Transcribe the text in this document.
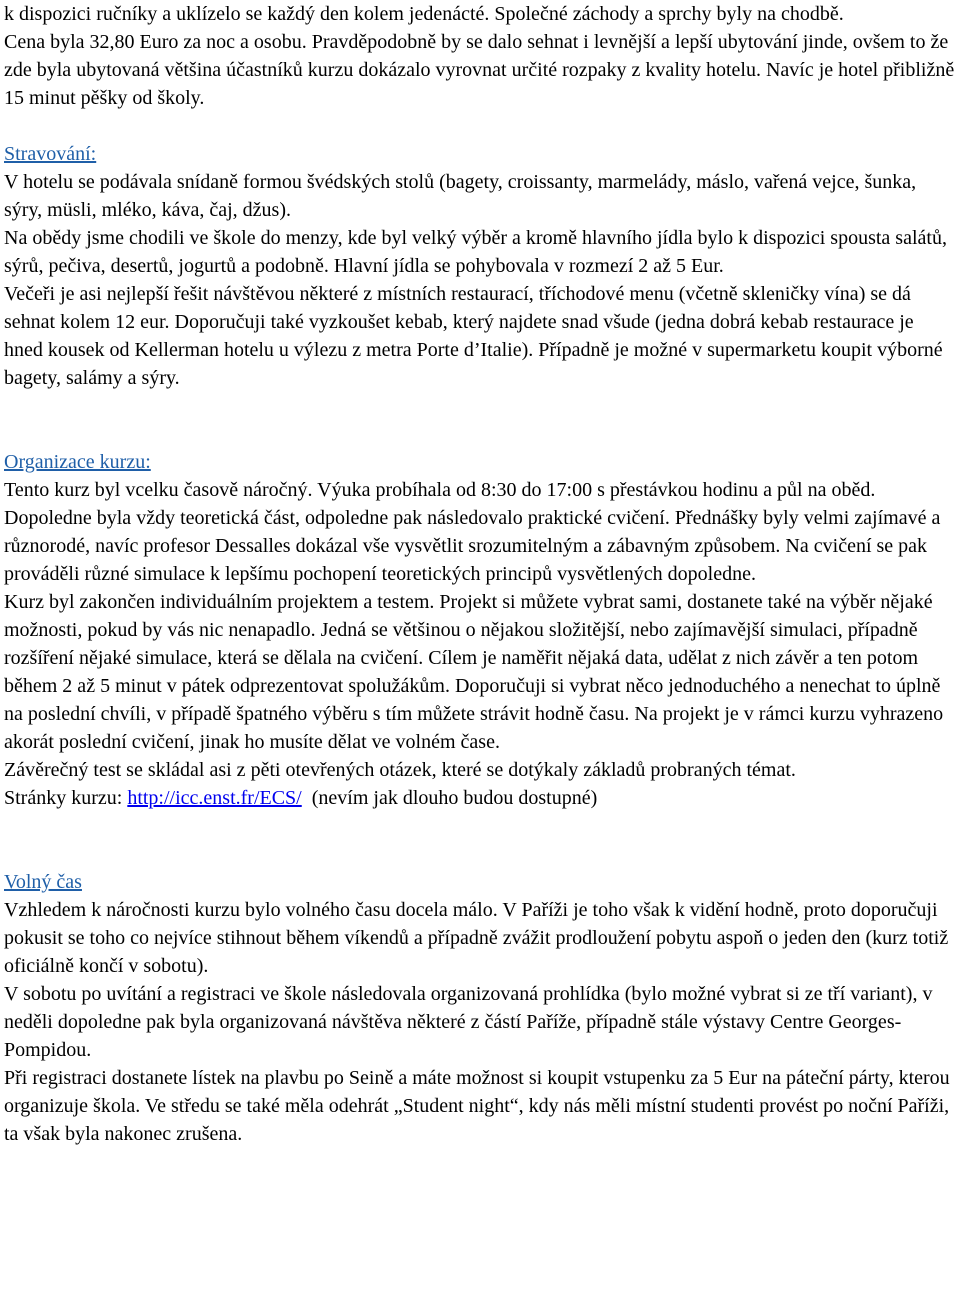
k dispozici ručníky a uklízelo se každý den kolem jedenácté. Společné záchody a sprchy byly na chodbě.

Cena byla 32,80 Euro za noc a osobu. Pravděpodobně by se dalo sehnat i levnější a lepší ubytování jinde, ovšem to že zde byla ubytovaná většina účastníků kurzu dokázalo vyrovnat určité rozpaky z kvality hotelu. Navíc je hotel přibližně 15 minut pěšky od školy.

Stravování:

V hotelu se podávala snídaně formou švédských stolů (bagety, croissanty, marmelády, máslo, vařená vejce, šunka, sýry, müsli, mléko, káva, čaj, džus).

Na obědy jsme chodili ve škole do menzy, kde byl velký výběr a kromě hlavního jídla bylo k dispozici spousta salátů, sýrů, pečiva, desertů, jogurtů a podobně. Hlavní jídla se pohybovala v rozmezí 2 až 5 Eur.

Večeři je asi nejlepší řešit návštěvou některé z místních restaurací, tříchodové menu (včetně skleničky vína) se dá sehnat kolem 12 eur. Doporučuji také vyzkoušet kebab, který najdete snad všude (jedna dobrá kebab restaurace je hned kousek od Kellerman hotelu u výlezu z metra Porte d’Italie). Případně je možné v supermarketu koupit výborné bagety, salámy a sýry.

Organizace kurzu:

Tento kurz byl vcelku časově náročný. Výuka probíhala od 8:30 do 17:00 s přestávkou hodinu a půl na oběd. Dopoledne byla vždy teoretická část, odpoledne pak následovalo praktické cvičení. Přednášky byly velmi zajímavé a různorodé, navíc profesor Dessalles dokázal vše vysvětlit srozumitelným a zábavným způsobem. Na cvičení se pak prováděli různé simulace k lepšímu pochopení teoretických principů vysvětlených dopoledne.

Kurz byl zakončen individuálním projektem a testem. Projekt si můžete vybrat sami, dostanete také na výběr nějaké možnosti, pokud by vás nic nenapadlo. Jedná se většinou o nějakou složitější, nebo zajímavější simulaci, případně rozšíření nějaké simulace, která se dělala na cvičení. Cílem je naměřit nějaká data, udělat z nich závěr a ten potom během 2 až 5 minut v pátek odprezentovat spolužákům. Doporučuji si vybrat něco jednoduchého a nenechat to úplně na poslední chvíli, v případě špatného výběru s tím můžete strávit hodně času. Na projekt je v rámci kurzu vyhrazeno akorát poslední cvičení, jinak ho musíte dělat ve volném čase.

Závěrečný test se skládal asi z pěti otevřených otázek, které se dotýkaly základů probraných témat.

Stránky kurzu: http://icc.enst.fr/ECS/  (nevím jak dlouho budou dostupné)

Volný čas

Vzhledem k náročnosti kurzu bylo volného času docela málo. V Paříži je toho však k vidění hodně, proto doporučuji pokusit se toho co nejvíce stihnout během víkendů a případně zvážit prodloužení pobytu aspoň o jeden den (kurz totiž oficiálně končí v sobotu).

V sobotu po uvítání a registraci ve škole následovala organizovaná prohlídka (bylo možné vybrat si ze tří variant), v neděli dopoledne pak byla organizovaná návštěva některé z částí Paříže, případně stále výstavy Centre Georges-Pompidou.

Při registraci dostanete lístek na plavbu po Seině a máte možnost si koupit vstupenku za 5 Eur na páteční párty, kterou organizuje škola. Ve středu se také měla odehrát „Student night“, kdy nás měli místní studenti provést po noční Paříži, ta však byla nakonec zrušena.
